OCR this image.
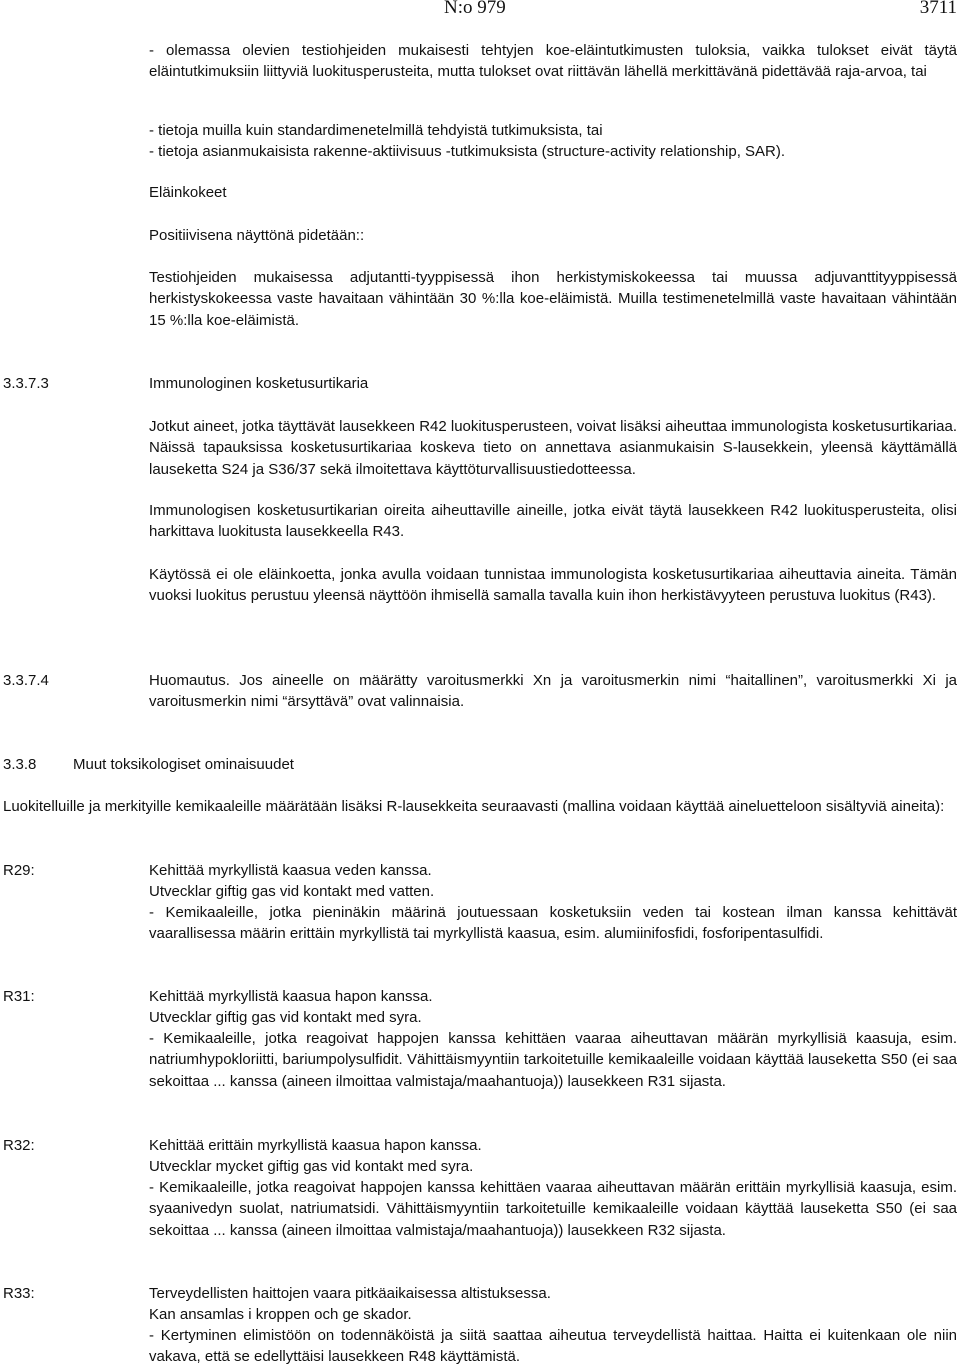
N:o 979	3711

- olemassa olevien testiohjeiden mukaisesti tehtyjen koe-eläintutkimusten tuloksia, vaikka tulokset eivät täytä eläintutkimuksiin liittyviä luokitusperusteita, mutta tulokset ovat riittävän lähellä merkittävänä pidettävää raja-arvoa, tai

- tietoja muilla kuin standardimenetelmillä tehdyistä tutkimuksista, tai

- tietoja asianmukaisista rakenne-aktiivisuus -tutkimuksista (structure-activity relationship, SAR).

Eläinkokeet

Positiivisena näyttönä pidetään::

Testiohjeiden mukaisessa adjutantti-tyyppisessä ihon herkistymiskokeessa tai muussa adjuvanttityyppisessä herkistyskokeessa vaste havaitaan vähintään 30 %:lla koe-eläimistä. Muilla testimenetelmillä vaste havaitaan vähintään 15 %:lla koe-eläimistä.

3.3.7.3	Immunologinen kosketusurtikaria

Jotkut aineet, jotka täyttävät lausekkeen R42 luokitusperusteen, voivat lisäksi aiheuttaa immunologista kosketusurtikariaa. Näissä tapauksissa kosketusurtikariaa koskeva tieto on annettava asianmukaisin S-lausekkein, yleensä käyttämällä lauseketta S24 ja S36/37 sekä ilmoitettava käyttöturvallisuustiedotteessa.

Immunologisen kosketusurtikarian oireita aiheuttaville aineille, jotka eivät täytä lausekkeen R42 luokitusperusteita, olisi harkittava luokitusta lausekkeella R43.

Käytössä ei ole eläinkoetta, jonka avulla voidaan tunnistaa immunologista kosketusurtikariaa aiheuttavia aineita. Tämän vuoksi luokitus perustuu yleensä näyttöön ihmisellä samalla tavalla kuin ihon herkistävyyteen perustuva luokitus (R43).

3.3.7.4	Huomautus. Jos aineelle on määrätty varoitusmerkki Xn ja varoitusmerkin nimi “haitallinen”, varoitusmerkki Xi ja varoitusmerkin nimi “ärsyttävä” ovat valinnaisia.

3.3.8 Muut toksikologiset ominaisuudet

Luokitelluille ja merkityille kemikaaleille määrätään lisäksi R-lausekkeita seuraavasti (mallina voidaan käyttää aineluetteloon sisältyviä aineita):

R29:	Kehittää myrkyllistä kaasua veden kanssa.

Utvecklar giftig gas vid kontakt med vatten.

- Kemikaaleille, jotka pieninäkin määrinä joutuessaan kosketuksiin veden tai kostean ilman kanssa kehittävät vaarallisessa määrin erittäin myrkyllistä tai myrkyllistä kaasua, esim. alumiinifosfidi, fosforipentasulfidi.

R31:	Kehittää myrkyllistä kaasua hapon kanssa.

Utvecklar giftig gas vid kontakt med syra.

- Kemikaaleille, jotka reagoivat happojen kanssa kehittäen vaaraa aiheuttavan määrän myrkyllisiä kaasuja, esim. natriumhypokloriitti, bariumpolysulfidit. Vähittäismyyntiin tarkoitetuille kemikaaleille voidaan käyttää lauseketta S50 (ei saa sekoittaa ... kanssa (aineen ilmoittaa valmistaja/maahantuoja)) lausekkeen R31 sijasta.

R32:	Kehittää erittäin myrkyllistä kaasua hapon kanssa.

Utvecklar mycket giftig gas vid kontakt med syra.

- Kemikaaleille, jotka reagoivat happojen kanssa kehittäen vaaraa aiheuttavan määrän erittäin myrkyllisiä kaasuja, esim. syaanivedyn suolat, natriumatsidi. Vähittäismyyntiin tarkoitetuille kemikaaleille voidaan käyttää lauseketta S50 (ei saa sekoittaa ... kanssa (aineen ilmoittaa valmistaja/maahantuoja)) lausekkeen R32 sijasta.

R33:	Terveydellisten haittojen vaara pitkäaikaisessa altistuksessa.

Kan ansamlas i kroppen och ge skador.

- Kertyminen elimistöön on todennäköistä ja siitä saattaa aiheutua terveydellistä haittaa. Haitta ei kuitenkaan ole niin vakava, että se edellyttäisi lausekkeen R48 käyttämistä.
